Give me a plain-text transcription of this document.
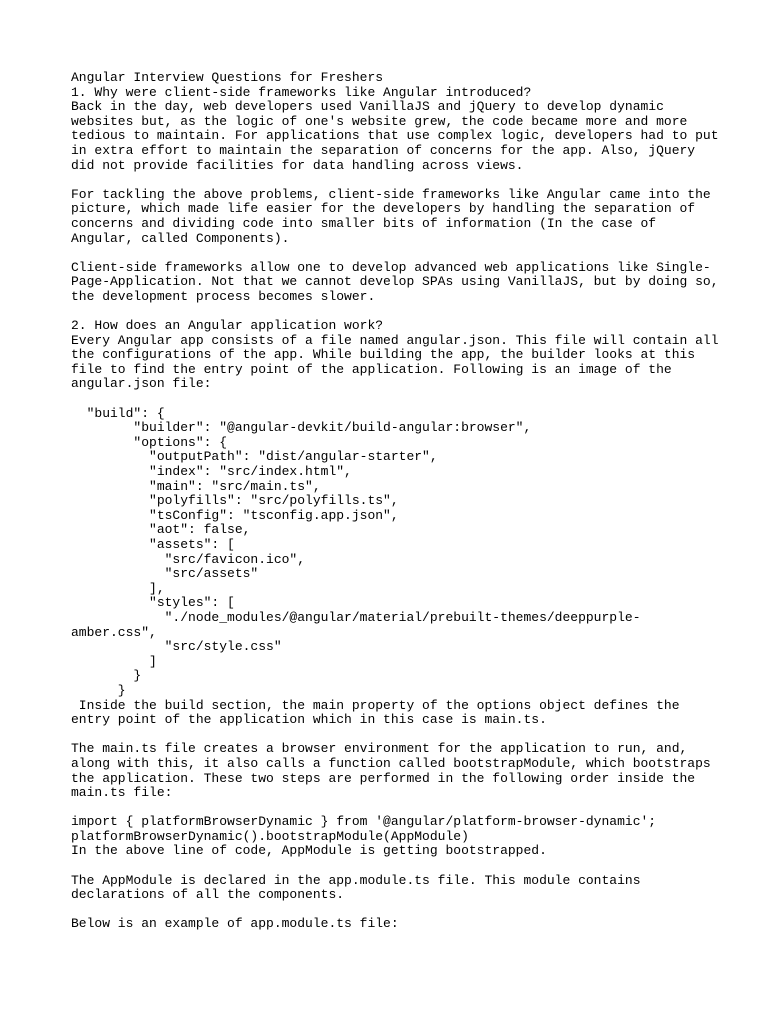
Angular Interview Questions for Freshers
1. Why were client-side frameworks like Angular introduced?
Back in the day, web developers used VanillaJS and jQuery to develop dynamic
websites but, as the logic of one's website grew, the code became more and more
tedious to maintain. For applications that use complex logic, developers had to put
in extra effort to maintain the separation of concerns for the app. Also, jQuery
did not provide facilities for data handling across views.
For tackling the above problems, client-side frameworks like Angular came into the
picture, which made life easier for the developers by handling the separation of
concerns and dividing code into smaller bits of information (In the case of
Angular, called Components).
Client-side frameworks allow one to develop advanced web applications like Single-
Page-Application. Not that we cannot develop SPAs using VanillaJS, but by doing so,
the development process becomes slower.
2. How does an Angular application work?
Every Angular app consists of a file named angular.json. This file will contain all
the configurations of the app. While building the app, the builder looks at this
file to find the entry point of the application. Following is an image of the
angular.json file:
"build": {
"builder": "@angular-devkit/build-angular:browser",
"options": {
"outputPath": "dist/angular-starter",
"index": "src/index.html",
"main": "src/main.ts",
"polyfills": "src/polyfills.ts",
"tsConfig": "tsconfig.app.json",
"aot": false,
"assets": [
"src/favicon.ico",
"src/assets"
],
"styles": [
"./node_modules/@angular/material/prebuilt-themes/deeppurple-
amber.css",
"src/style.css"
]
}
}
Inside the build section, the main property of the options object defines the
entry point of the application which in this case is main.ts.
The main.ts file creates a browser environment for the application to run, and,
along with this, it also calls a function called bootstrapModule, which bootstraps
the application. These two steps are performed in the following order inside the
main.ts file:
import { platformBrowserDynamic } from '@angular/platform-browser-dynamic';
platformBrowserDynamic().bootstrapModule(AppModule)
In the above line of code, AppModule is getting bootstrapped.
The AppModule is declared in the app.module.ts file. This module contains
declarations of all the components.
Below is an example of app.module.ts file:
